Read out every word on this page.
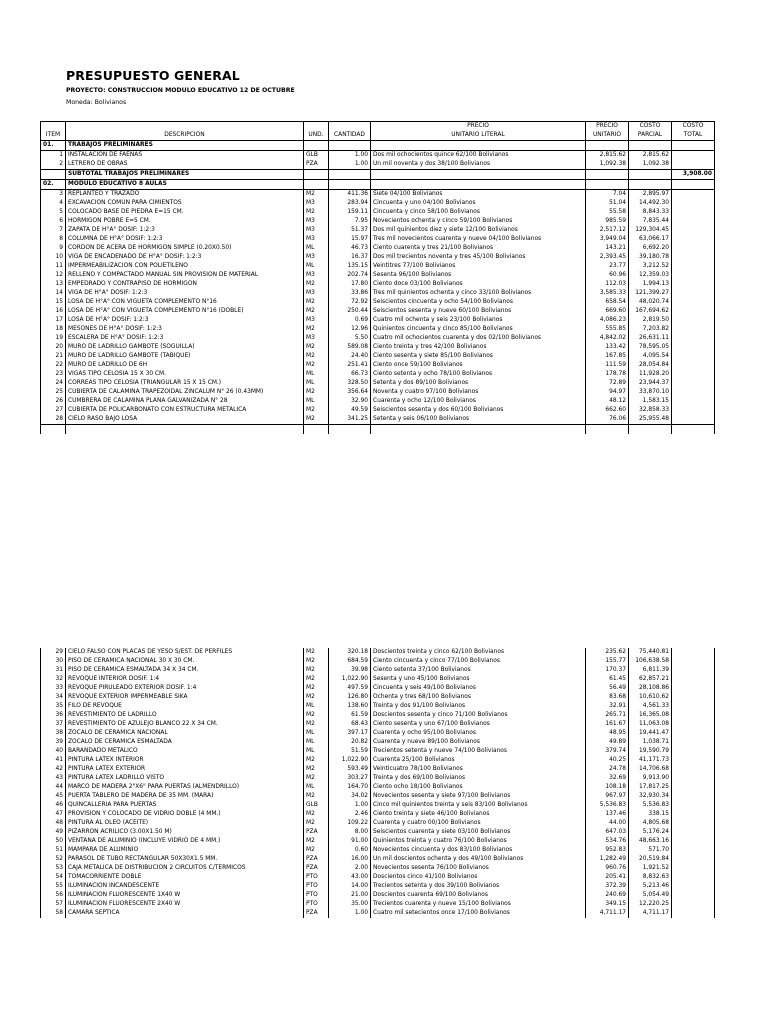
PRESUPUESTO GENERAL
PROYECTO: CONSTRUCCION MODULO EDUCATIVO 12 DE OCTUBRE
Moneda: Bolivianos
				PRECIO	PRECIO	COSTO	COSTO
ÍTEM	DESCRIPCIÓN	UND.	CANTIDAD	UNITARIO LITERAL	UNITARIO	PARCIAL	TOTAL
01.	TRABAJOS PRELIMINARES						
1	INSTALACION DE FAENAS	GLB	1.00	Dos mil ochocientos quince 62/100 Bolivianos	2,815.62	2,815.62	
2	LETRERO DE OBRAS	PZA	1.00	Un mil noventa y dos 38/100 Bolivianos	1,092.38	1,092.38	
	SUBTOTAL TRABAJOS PRELIMINARES						3,908.00
02.	MODULO EDUCATIVO 8 AULAS						
3	REPLANTEO Y TRAZADO	M2	411.36	Siete 04/100 Bolivianos	7.04	2,895.97	
4	EXCAVACION COMUN PARA CIMIENTOS	M3	283.94	Cincuenta y uno 04/100 Bolivianos	51.04	14,492.30	
5	COLOCADO BASE DE PIEDRA E=15 CM.	M2	159.11	Cincuenta y cinco 58/100 Bolivianos	55.58	8,843.33	
6	HORMIGON POBRE E=5 CM.	M3	7.95	Novecientos ochenta y cinco 59/100 Bolivianos	985.59	7,835.44	
7	ZAPATA DE H°A° DOSIF: 1:2:3	M3	51.37	Dos mil quinientos diez y siete 12/100 Bolivianos	2,517.12	129,304.45	
8	COLUMNA DE H°A° DOSIF: 1:2:3	M3	15.97	Tres mil novecientos cuarenta y nueve 04/100 Bolivianos	3,949.04	63,066.17	
9	CORDON DE ACERA DE HORMIGON SIMPLE (0.20X0.50)	ML	46.73	Ciento cuarenta y tres 21/100 Bolivianos	143.21	6,692.20	
10	VIGA DE ENCADENADO DE H°A° DOSIF: 1:2:3	M3	16.37	Dos mil trecientos noventa y tres 45/100 Bolivianos	2,393.45	39,180.78	
11	IMPERMEABILIZACION CON POLIETILENO	ML	135.15	Veintitres 77/100 Bolivianos	23.77	3,212.52	
12	RELLENO Y COMPACTADO MANUAL SIN PROVISION DE MATERIAL	M3	202.74	Sesenta 96/100 Bolivianos	60.96	12,359.03	
13	EMPEDRADO Y CONTRAPISO DE HORMIGON	M2	17.80	Ciento doce 03/100 Bolivianos	112.03	1,994.13	
14	VIGA DE H°A° DOSIF: 1:2:3	M3	33.86	Tres mil quinientos ochenta y cinco 33/100 Bolivianos	3,585.33	121,399.27	
15	LOSA DE H°A° CON VIGUETA COMPLEMENTO N°16	M2	72.92	Seiscientos cincuenta y ocho 54/100 Bolivianos	658.54	48,020.74	
16	LOSA DE H°A° CON VIGUETA COMPLEMENTO N°16 (DOBLE)	M2	250.44	Seiscientos sesenta y nueve 60/100 Bolivianos	669.60	167,694.62	
17	LOSA DE H°A° DOSIF: 1:2:3	M3	0.69	Cuatro mil ochenta y seis 23/100 Bolivianos	4,086.23	2,819.50	
18	MESONES DE H°A° DOSIF: 1:2:3	M2	12.96	Quinientos cincuenta y cinco 85/100 Bolivianos	555.85	7,203.82	
19	ESCALERA DE H°A° DOSIF: 1:2:3	M3	5.50	Cuatro mil ochocientos cuarenta y dos 02/100 Bolivianos	4,842.02	26,631.11	
20	MURO DE LADRILLO GAMBOTE (SOGUILLA)	M2	589.08	Ciento treinta y tres 42/100 Bolivianos	133.42	78,595.05	
21	MURO DE LADRILLO GAMBOTE (TABIQUE)	M2	24.40	Ciento sesenta y siete 85/100 Bolivianos	167.85	4,095.54	
22	MURO DE LADRILLO DE 6H	M2	251.41	Ciento once 59/100 Bolivianos	111.59	28,054.84	
23	VIGAS TIPO CELOSIA 15 X 30 CM.	ML	66.73	Ciento setenta y ocho 78/100 Bolivianos	178.78	11,928.20	
24	CORREAS TIPO CELOSIA (TRIANGULAR 15 X 15 CM.)	ML	328.50	Setenta y dos 89/100 Bolivianos	72.89	23,944.37	
25	CUBIERTA DE CALAMINA TRAPEZOIDAL ZINCALUM N° 26 (0.43MM)	M2	356.64	Noventa y cuatro 97/100 Bolivianos	94.97	33,870.10	
26	CUMBRERA DE CALAMINA PLANA GALVANIZADA N° 28	ML	32.90	Cuarenta y ocho 12/100 Bolivianos	48.12	1,583.15	
27	CUBIERTA DE POLICARBONATO CON ESTRUCTURA METALICA	M2	49.59	Seiscientos sesenta y dos 60/100 Bolivianos	662.60	32,858.33	
28	CIELO RASO BAJO LOSA	M2	341.25	Setenta y seis 06/100 Bolivianos	76.06	25,955.48	

29	CIELO FALSO CON PLACAS DE YESO S/EST. DE PERFILES	M2	320.18	Doscientos treinta y cinco 62/100 Bolivianos	235.62	75,440.81	
30	PISO DE CERAMICA NACIONAL 30 X 30 CM.	M2	684.59	Ciento cincuenta y cinco 77/100 Bolivianos	155.77	106,638.58	
31	PISO DE CERAMICA ESMALTADA 34 X 34 CM.	M2	39.98	Ciento setenta 37/100 Bolivianos	170.37	6,811.39	
32	REVOQUE INTERIOR DOSIF. 1:4	M2	1,022.90	Sesenta y uno 45/100 Bolivianos	61.45	62,857.21	
33	REVOQUE PIRULEADO EXTERIOR DOSIF. 1:4	M2	497.59	Cincuenta y seis 49/100 Bolivianos	56.49	28,108.86	
34	REVOQUE EXTERIOR IMPERMEABLE SIKA	M2	126.80	Ochenta y tres 68/100 Bolivianos	83.68	10,610.62	
35	FILO DE REVOQUE	ML	138.60	Treinta y dos 91/100 Bolivianos	32.91	4,561.33	
36	REVESTIMIENTO DE LADRILLO	M2	61.59	Doscientos sesenta y cinco 71/100 Bolivianos	265.71	16,365.08	
37	REVESTIMIENTO DE AZULEJO BLANCO 22 X 34 CM.	M2	68.43	Ciento sesenta y uno 67/100 Bolivianos	161.67	11,063.08	
38	ZOCALO DE CERAMICA NACIONAL	ML	397.17	Cuarenta y ocho 95/100 Bolivianos	48.95	19,441.47	
39	ZOCALO DE CERAMICA ESMALTADA	ML	20.82	Cuarenta y nueve 89/100 Bolivianos	49.89	1,038.71	
40	BARANDADO METALICO	ML	51.59	Trecientos setenta y nueve 74/100 Bolivianos	379.74	19,590.79	
41	PINTURA LATEX INTERIOR	M2	1,022.90	Cuarenta 25/100 Bolivianos	40.25	41,171.73	
42	PINTURA LATEX EXTERIOR	M2	593.49	Veinticuatro 78/100 Bolivianos	24.78	14,706.68	
43	PINTURA LATEX LADRILLO VISTO	M2	303.27	Treinta y dos 69/100 Bolivianos	32.69	9,913.90	
44	MARCO DE MADERA 2"X6" PARA PUERTAS (ALMENDRILLO)	ML	164.70	Ciento ocho 18/100 Bolivianos	108.18	17,817.25	
45	PUERTA TABLERO DE MADERA DE 35 MM. (MARA)	M2	34.02	Novecientos sesenta y siete 97/100 Bolivianos	967.97	32,930.34	
46	QUINCALLERIA PARA PUERTAS	GLB	1.00	Cinco mil quinientos treinta y seis 83/100 Bolivianos	5,536.83	5,536.83	
47	PROVISION Y COLOCADO DE VIDRIO DOBLE (4 MM.)	M2	2.46	Ciento treinta y siete 46/100 Bolivianos	137.46	338.15	
48	PINTURA AL OLEO (ACEITE)	M2	109.22	Cuarenta y cuatro 00/100 Bolivianos	44.00	4,805.68	
49	PIZARRON ACRILICO (3.00X1.50 M)	PZA	8.00	Seiscientos cuarenta y siete 03/100 Bolivianos	647.03	5,176.24	
50	VENTANA DE ALUMINIO (INCLUYE VIDRIO DE 4 MM.)	M2	91.00	Quinientos treinta y cuatro 76/100 Bolivianos	534.76	48,663.16	
51	MAMPARA DE ALUMINIO	M2	0.60	Novecientos cincuenta y dos 83/100 Bolivianos	952.83	571.70	
52	PARASOL DE TUBO RECTANGULAR 50X30X1.5 MM.	PZA	16.00	Un mil doscientos ochenta y dos 49/100 Bolivianos	1,282.49	20,519.84	
53	CAJA METALICA DE DISTRIBUCION 2 CIRCUITOS C/TERMICOS	PZA	2.00	Novecientos sesenta 76/100 Bolivianos	960.76	1,921.52	
54	TOMACORRIENTE DOBLE	PTO	43.00	Doscientos cinco 41/100 Bolivianos	205.41	8,832.63	
55	ILUMINACION INCANDESCENTE	PTO	14.00	Trecientos setenta y dos 39/100 Bolivianos	372.39	5,213.46	
56	ILUMINACION FLUORESCENTE 1X40 W	PTO	21.00	Doscientos cuarenta 69/100 Bolivianos	240.69	5,054.49	
57	ILUMINACION FLUORESCENTE 2X40 W	PTO	35.00	Trecientos cuarenta y nueve 15/100 Bolivianos	349.15	12,220.25	
58	CAMARA SEPTICA	PZA	1.00	Cuatro mil setecientos once 17/100 Bolivianos	4,711.17	4,711.17	
